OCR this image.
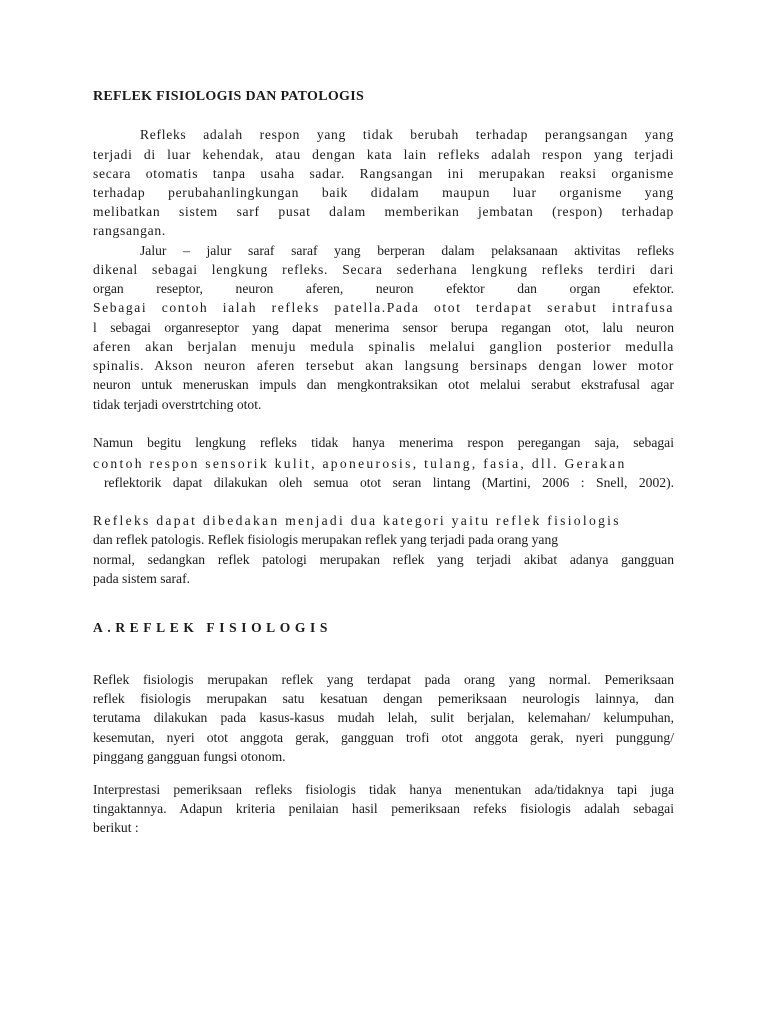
REFLEK FISIOLOGIS DAN PATOLOGIS
Refleks adalah respon yang tidak berubah terhadap perangsangan yang
terjadi di luar kehendak, atau dengan kata lain refleks adalah respon yang terjadi
secara otomatis tanpa usaha sadar. Rangsangan ini merupakan reaksi organisme
terhadap perubahanlingkungan baik didalam maupun luar organisme yang
melibatkan sistem sarf pusat dalam memberikan jembatan (respon) terhadap
rangsangan.
Jalur – jalur saraf saraf yang berperan dalam pelaksanaan aktivitas refleks
dikenal sebagai lengkung refleks. Secara sederhana lengkung refleks terdiri dari
organ reseptor, neuron aferen, neuron efektor dan organ efektor.
Sebagai contoh ialah refleks patella.Pada otot terdapat serabut intrafusa
l sebagai organreseptor yang dapat menerima sensor berupa regangan otot, lalu neuron
aferen akan berjalan menuju medula spinalis melalui ganglion posterior medulla
spinalis. Akson neuron aferen tersebut akan langsung bersinaps dengan lower motor
neuron untuk meneruskan impuls dan mengkontraksikan otot melalui serabut ekstrafusal agar
tidak terjadi overstrtching otot.
Namun begitu lengkung refleks tidak hanya menerima respon peregangan saja, sebagai
contoh respon sensorik kulit, aponeurosis, tulang, fasia, dll. Gerakan
reflektorik dapat dilakukan oleh semua otot seran lintang (Martini, 2006 : Snell, 2002).
Refleks dapat dibedakan menjadi dua kategori yaitu reflek fisiologis
dan reflek patologis. Reflek fisiologis merupakan reflek yang terjadi pada orang yang
normal, sedangkan reflek patologi merupakan reflek yang terjadi akibat adanya gangguan
pada sistem saraf.
A.REFLEK FISIOLOGIS
Reflek fisiologis merupakan reflek yang terdapat pada orang yang normal. Pemeriksaan
reflek fisiologis merupakan satu kesatuan dengan pemeriksaan neurologis lainnya, dan
terutama dilakukan pada kasus-kasus mudah lelah, sulit berjalan, kelemahan/ kelumpuhan,
kesemutan, nyeri otot anggota gerak, gangguan trofi otot anggota gerak, nyeri punggung/
pinggang gangguan fungsi otonom.
Interprestasi pemeriksaan refleks fisiologis tidak hanya menentukan ada/tidaknya tapi juga
tingaktannya. Adapun kriteria penilaian hasil pemeriksaan refeks fisiologis adalah sebagai
berikut :
